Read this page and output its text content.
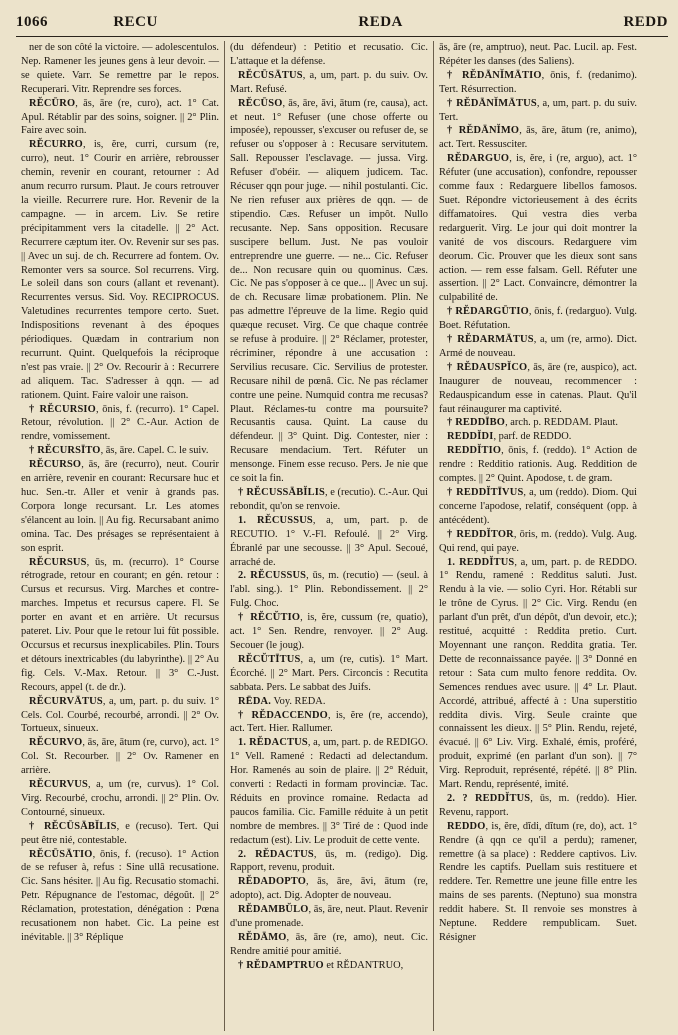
1066	RECU	REDA	REDD

ner de son côté la victoire. — adolescentulos. Nep. Ramener les jeunes gens à leur devoir. — se quiete. Varr. Se remettre par le repos. Recuperari. Vitr. Reprendre ses forces.

RĔCŪRO, ās, āre (re, curo), act. 1° Cat. Apul. Rétablir par des soins, soigner. || 2° Plin. Faire avec soin.

RĔCURRO, is, ĕre, curri, cursum (re, curro), neut. 1° Courir en arrière, rebrousser chemin, revenir en courant, retourner : Ad anum recurro rursum. Plaut. Je cours retrouver la vieille. Recurrere rure. Hor. Revenir de la campagne. — in arcem. Liv. Se retire précipitamment vers la citadelle. || 2° Act. Recurrere cæptum iter. Ov. Revenir sur ses pas. || Avec un suj. de ch. Recurrere ad fontem. Ov. Remonter vers sa source. Sol recurrens. Virg. Le soleil dans son cours (allant et revenant). Recurrentes versus. Sid. Voy. RECIPROCUS. Valetudines recurrentes tempore certo. Suet. Indispositions revenant à des époques périodiques. Quædam in contrarium non recurrunt. Quint. Quelquefois la réciproque n'est pas vraie. || 2° Ov. Recourir à : Recurrere ad aliquem. Tac. S'adresser à qqn. — ad rationem. Quint. Faire valoir une raison.

† RĔCURSIO, ōnis, f. (recurro). 1° Capel. Retour, révolution. || 2° C.-Aur. Action de rendre, vomissement.

† RĔCURSĪTO, ās, āre. Capel. C. le suiv.

RĔCURSO, ās, āre (recurro), neut. Courir en arrière, revenir en courant: Recursare huc et huc. Sen.-tr. Aller et venir à grands pas. Corpora longe recursant. Lr. Les atomes s'élancent au loin. || Au fig. Recursabant animo omina. Tac. Des présages se représentaient à son esprit.

RĔCURSUS, ūs, m. (recurro). 1° Course rétrograde, retour en courant; en gén. retour : Cursus et recursus. Virg. Marches et contre-marches. Impetus et recursus capere. Fl. Se porter en avant et en arrière. Ut recursus pateret. Liv. Pour que le retour lui fût possible. Occursus et recursus inexplicabiles. Plin. Tours et détours inextricables (du labyrinthe). || 2° Au fig. Cels. V.-Max. Retour. || 3° C.-Just. Recours, appel (t. de dr.).

RĔCURVĀTUS, a, um, part. p. du suiv. 1° Cels. Col. Courbé, recourbé, arrondi. || 2° Ov. Tortueux, sinueux.

RĔCURVO, ās, āre, ātum (re, curvo), act. 1° Col. St. Recourber. || 2° Ov. Ramener en arrière.

RĔCURVUS, a, um (re, curvus). 1° Col. Virg. Recourbé, crochu, arrondi. || 2° Plin. Ov. Contourné, sinueux.

† RĔCŪSĀBĬLIS, e (recuso). Tert. Qui peut être nié, contestable.

RĔCŪSĀTIO, ōnis, f. (recuso). 1° Action de se refuser à, refus : Sine ullâ recusatione. Cic. Sans hésiter. || Au fig. Recusatio stomachi. Petr. Répugnance de l'estomac, dégoût. || 2° Réclamation, protestation, dénégation : Pœna recusationem non habet. Cic. La peine est inévitable. || 3° Réplique

(du défendeur) : Petitio et recusatio. Cic. L'attaque et la défense.

RĔCŪSĀTUS, a, um, part. p. du suiv. Ov. Mart. Refusé.

RĔCŪSO, ās, āre, āvi, ātum (re, causa), act. et neut. 1° Refuser (une chose offerte ou imposée), repousser, s'excuser ou refuser de, se refuser ou s'opposer à : Recusare servitutem. Sall. Repousser l'esclavage. — jussa. Virg. Refuser d'obéir. — aliquem judicem. Tac. Récuser qqn pour juge. — nihil postulanti. Cic. Ne rien refuser aux prières de qqn. — de stipendio. Cæs. Refuser un impôt. Nullo recusante. Nep. Sans opposition. Recusare suscipere bellum. Just. Ne pas vouloir entreprendre une guerre. — ne... Cic. Refuser de... Non recusare quin ou quominus. Cæs. Cic. Ne pas s'opposer à ce que... || Avec un suj. de ch. Recusare limæ probationem. Plin. Ne pas admettre l'épreuve de la lime. Regio quid quæque recuset. Virg. Ce que chaque contrée se refuse à produire. || 2° Réclamer, protester, récriminer, répondre à une accusation : Servilius recusare. Cic. Servilius de protester. Recusare nihil de pœnâ. Cic. Ne pas réclamer contre une peine. Numquid contra me recusas? Plaut. Réclames-tu contre ma poursuite? Recusantis causa. Quint. La cause du défendeur. || 3° Quint. Dig. Contester, nier : Recusare mendacium. Tert. Réfuter un mensonge. Finem esse recuso. Pers. Je nie que ce soit la fin.

† RĔCUSSĀBĬLIS, e (recutio). C.-Aur. Qui rebondit, qu'on se renvoie.

1. RĔCUSSUS, a, um, part. p. de RECUTIO. 1° V.-Fl. Refoulé. || 2° Virg. Ébranlé par une secousse. || 3° Apul. Secoué, arraché de.

2. RĔCUSSUS, ūs, m. (recutio) — (seul. à l'abl. sing.). 1° Plin. Rebondissement. || 2° Fulg. Choc.

† RĔCŬTIO, is, ĕre, cussum (re, quatio), act. 1° Sen. Rendre, renvoyer. || 2° Aug. Secouer (le joug).

RĔCŬTĪTUS, a, um (re, cutis). 1° Mart. Écorché. || 2° Mart. Pers. Circoncis : Recutita sabbata. Pers. Le sabbat des Juifs.

RĒDA. Voy. REDA.

† RĔDACCENDO, is, ĕre (re, accendo), act. Tert. Hier. Rallumer.

1. RĔDACTUS, a, um, part. p. de REDIGO. 1° Vell. Ramené : Redacti ad delectandum. Hor. Ramenés au soin de plaire. || 2° Réduit, converti : Redacti in formam provinciæ. Tac. Réduits en province romaine. Redacta ad paucos familia. Cic. Famille réduite à un petit nombre de membres. || 3° Tiré de : Quod inde redactum (est). Liv. Le produit de cette vente.

2. RĔDACTUS, ūs, m. (redigo). Dig. Rapport, revenu, produit.

RĔDADOPTO, ās, āre, āvi, ātum (re, adopto), act. Dig. Adopter de nouveau.

RĔDAMBŬLO, ās, āre, neut. Plaut. Revenir d'une promenade.

RĔDĀMO, ās, āre (re, amo), neut. Cic. Rendre amitié pour amitié.

† RĔDAMPTRUO et RĔDANTRUO,

ās, āre (re, amptruo), neut. Pac. Lucil. ap. Fest. Répéter les danses (des Saliens).

† RĔDĀNĬMĀTIO, ōnis, f. (redanimo). Tert. Résurrection.

† RĔDĀNĬMĀTUS, a, um, part. p. du suiv. Tert.

† RĔDĀNĬMO, ās, āre, ātum (re, animo), act. Tert. Ressusciter.

RĔDARGUO, is, ĕre, i (re, arguo), act. 1° Réfuter (une accusation), confondre, repousser comme faux : Redarguere libellos famosos. Suet. Répondre victorieusement à des écrits diffamatoires. Qui vestra dies verba redarguerit. Virg. Le jour qui doit montrer la vanité de vos discours. Redarguere vim deorum. Cic. Prouver que les dieux sont sans action. — rem esse falsam. Gell. Réfuter une assertion. || 2° Lact. Convaincre, démontrer la culpabilité de.

† RĔDARGŪTIO, ōnis, f. (redarguo). Vulg. Boet. Réfutation.

† RĔDARMĀTUS, a, um (re, armo). Dict. Armé de nouveau.

† RĔDAUSPĬCO, ās, āre (re, auspico), act. Inaugurer de nouveau, recommencer : Redauspicandum esse in catenas. Plaut. Qu'il faut réinaugurer ma captivité.

† REDDĪBO, arch. p. REDDAM. Plaut.

REDDĬDI, parf. de REDDO.

REDDĬTIO, ōnis, f. (reddo). 1° Action de rendre : Redditio rationis. Aug. Reddition de comptes. || 2° Quint. Apodose, t. de gram.

† REDDĬTĪVUS, a, um (reddo). Diom. Qui concerne l'apodose, relatif, conséquent (opp. à antécédent).

† REDDĬTOR, ōris, m. (reddo). Vulg. Aug. Qui rend, qui paye.

1. REDDĬTUS, a, um, part. p. de REDDO. 1° Rendu, ramené : Redditus saluti. Just. Rendu à la vie. — solio Cyri. Hor. Rétabli sur le trône de Cyrus. || 2° Cic. Virg. Rendu (en parlant d'un prêt, d'un dépôt, d'un devoir, etc.); restitué, acquitté : Reddita pretio. Curt. Moyennant une rançon. Reddita gratia. Ter. Dette de reconnaissance payée. || 3° Donné en retour : Sata cum multo fenore reddita. Ov. Semences rendues avec usure. || 4° Lr. Plaut. Accordé, attribué, affecté à : Una superstitio reddita divis. Virg. Seule crainte que connaissent les dieux. || 5° Plin. Rendu, rejeté, évacué. || 6° Liv. Virg. Exhalé, émis, proféré, produit, exprimé (en parlant d'un son). || 7° Virg. Reproduit, représenté, répété. || 8° Plin. Mart. Rendu, représenté, imité.

2. ? REDDĬTUS, ūs, m. (reddo). Hier. Revenu, rapport.

REDDO, is, ĕre, dĭdi, dĭtum (re, do), act. 1° Rendre (à qqn ce qu'il a perdu); ramener, remettre (à sa place) : Reddere captivos. Liv. Rendre les captifs. Puellam suis restituere et reddere. Ter. Remettre une jeune fille entre les mains de ses parents. (Neptuno) sua monstra reddit habere. St. Il renvoie ses monstres à Neptune. Reddere rempublicam. Suet. Résigner
